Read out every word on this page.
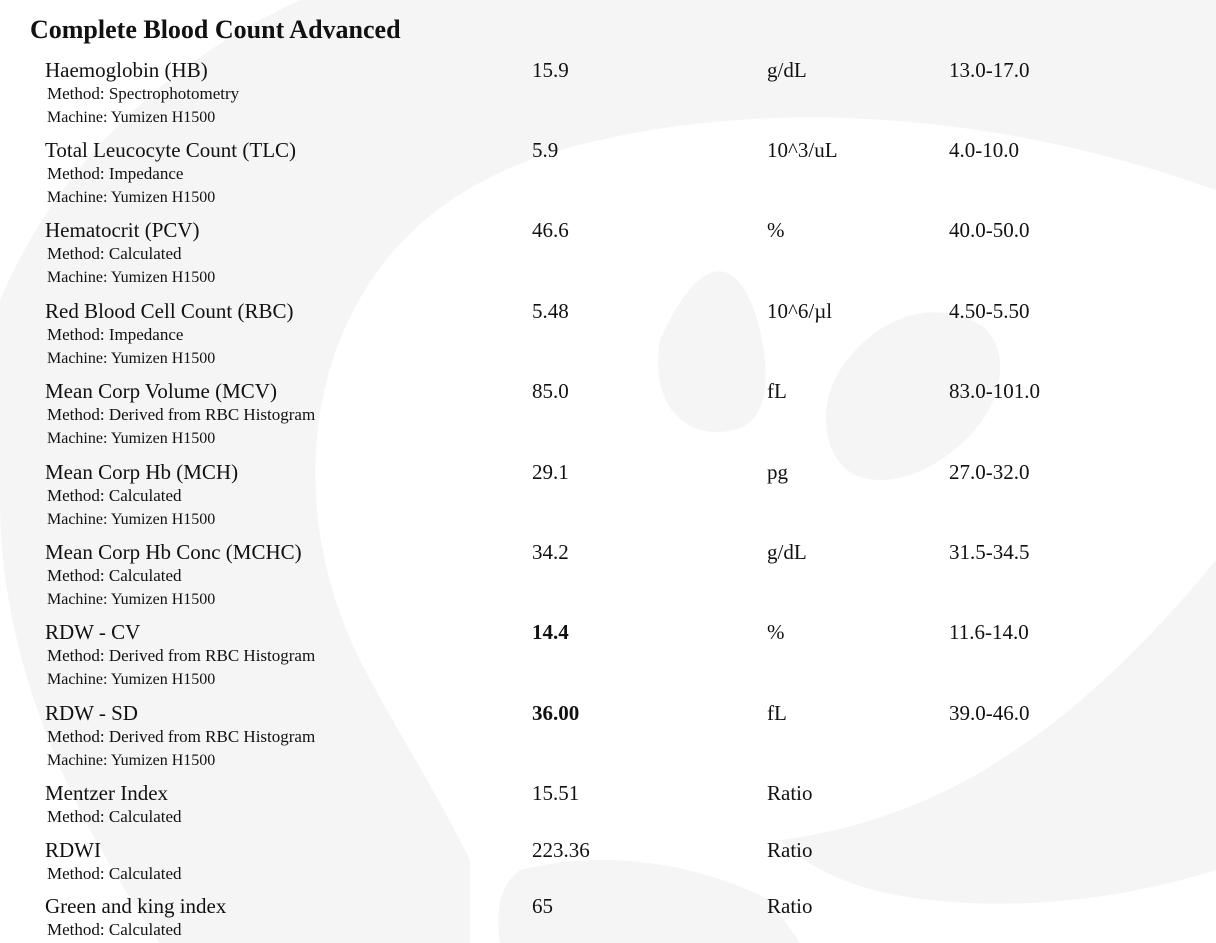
Complete Blood Count Advanced
Haemoglobin (HB)	15.9	g/dL	13.0-17.0
Method: Spectrophotometry
Machine: Yumizen H1500
Total Leucocyte Count (TLC)	5.9	10^3/uL	4.0-10.0
Method: Impedance
Machine: Yumizen H1500
Hematocrit (PCV)	46.6	%	40.0-50.0
Method: Calculated
Machine: Yumizen H1500
Red Blood Cell Count (RBC)	5.48	10^6/µl	4.50-5.50
Method: Impedance
Machine: Yumizen H1500
Mean Corp Volume (MCV)	85.0	fL	83.0-101.0
Method: Derived from RBC Histogram
Machine: Yumizen H1500
Mean Corp Hb (MCH)	29.1	pg	27.0-32.0
Method: Calculated
Machine: Yumizen H1500
Mean Corp Hb Conc (MCHC)	34.2	g/dL	31.5-34.5
Method: Calculated
Machine: Yumizen H1500
RDW - CV	14.4	%	11.6-14.0
Method: Derived from RBC Histogram
Machine: Yumizen H1500
RDW - SD	36.00	fL	39.0-46.0
Method: Derived from RBC Histogram
Machine: Yumizen H1500
Mentzer Index	15.51	Ratio
Method: Calculated
RDWI	223.36	Ratio
Method: Calculated
Green and king index	65	Ratio
Method: Calculated
